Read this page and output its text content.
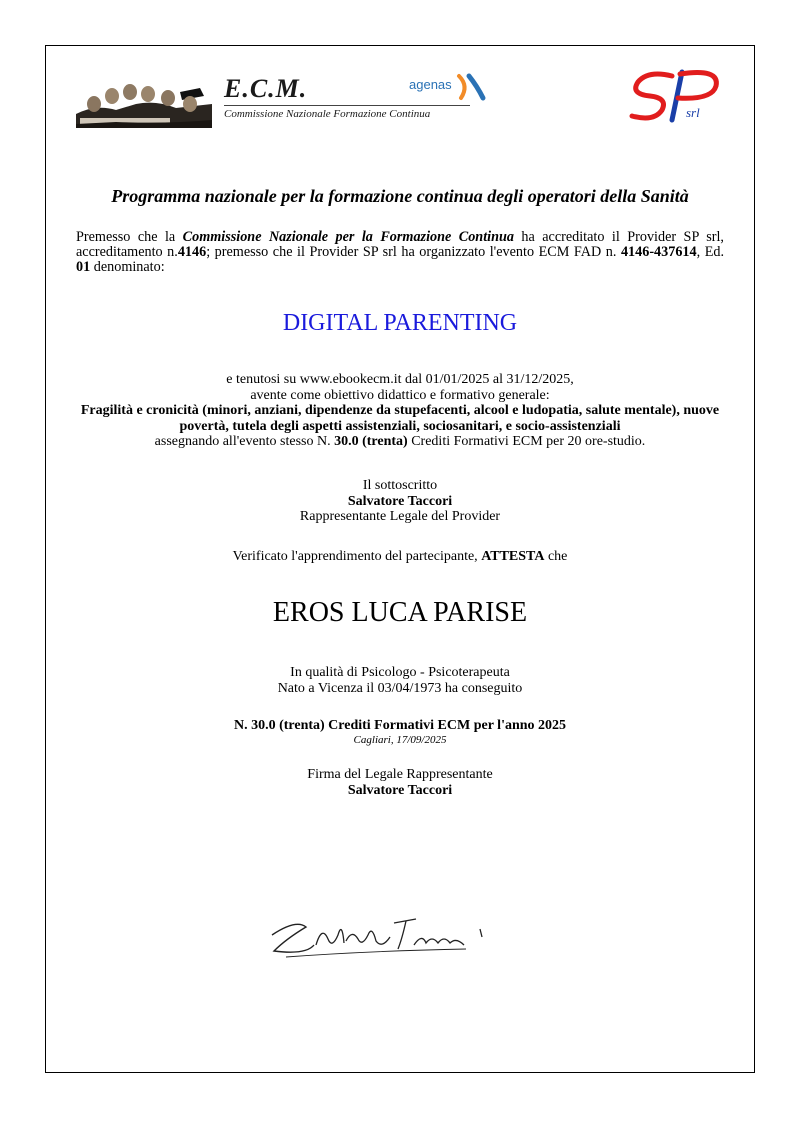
E.C.M.
Commissione Nazionale Formazione Continua
agenas
srl
Programma nazionale per la formazione continua degli operatori della Sanità
Premesso che la Commissione Nazionale per la Formazione Continua ha accreditato il Provider SP srl, accreditamento n.4146; premesso che il Provider SP srl ha organizzato l'evento ECM FAD n. 4146-437614, Ed. 01 denominato:
DIGITAL PARENTING
e tenutosi su www.ebookecm.it dal 01/01/2025 al 31/12/2025,
avente come obiettivo didattico e formativo generale:
Fragilità e cronicità (minori, anziani, dipendenze da stupefacenti, alcool e ludopatia, salute mentale), nuove povertà, tutela degli aspetti assistenziali, sociosanitari, e socio-assistenziali
assegnando all'evento stesso N. 30.0 (trenta) Crediti Formativi ECM per 20 ore-studio.
Il sottoscritto
Salvatore Taccori
Rappresentante Legale del Provider
Verificato l'apprendimento del partecipante, ATTESTA che
EROS LUCA PARISE
In qualità di Psicologo - Psicoterapeuta
Nato a Vicenza il 03/04/1973 ha conseguito
N. 30.0 (trenta) Crediti Formativi ECM per l'anno 2025
Cagliari, 17/09/2025
Firma del Legale Rappresentante
Salvatore Taccori
